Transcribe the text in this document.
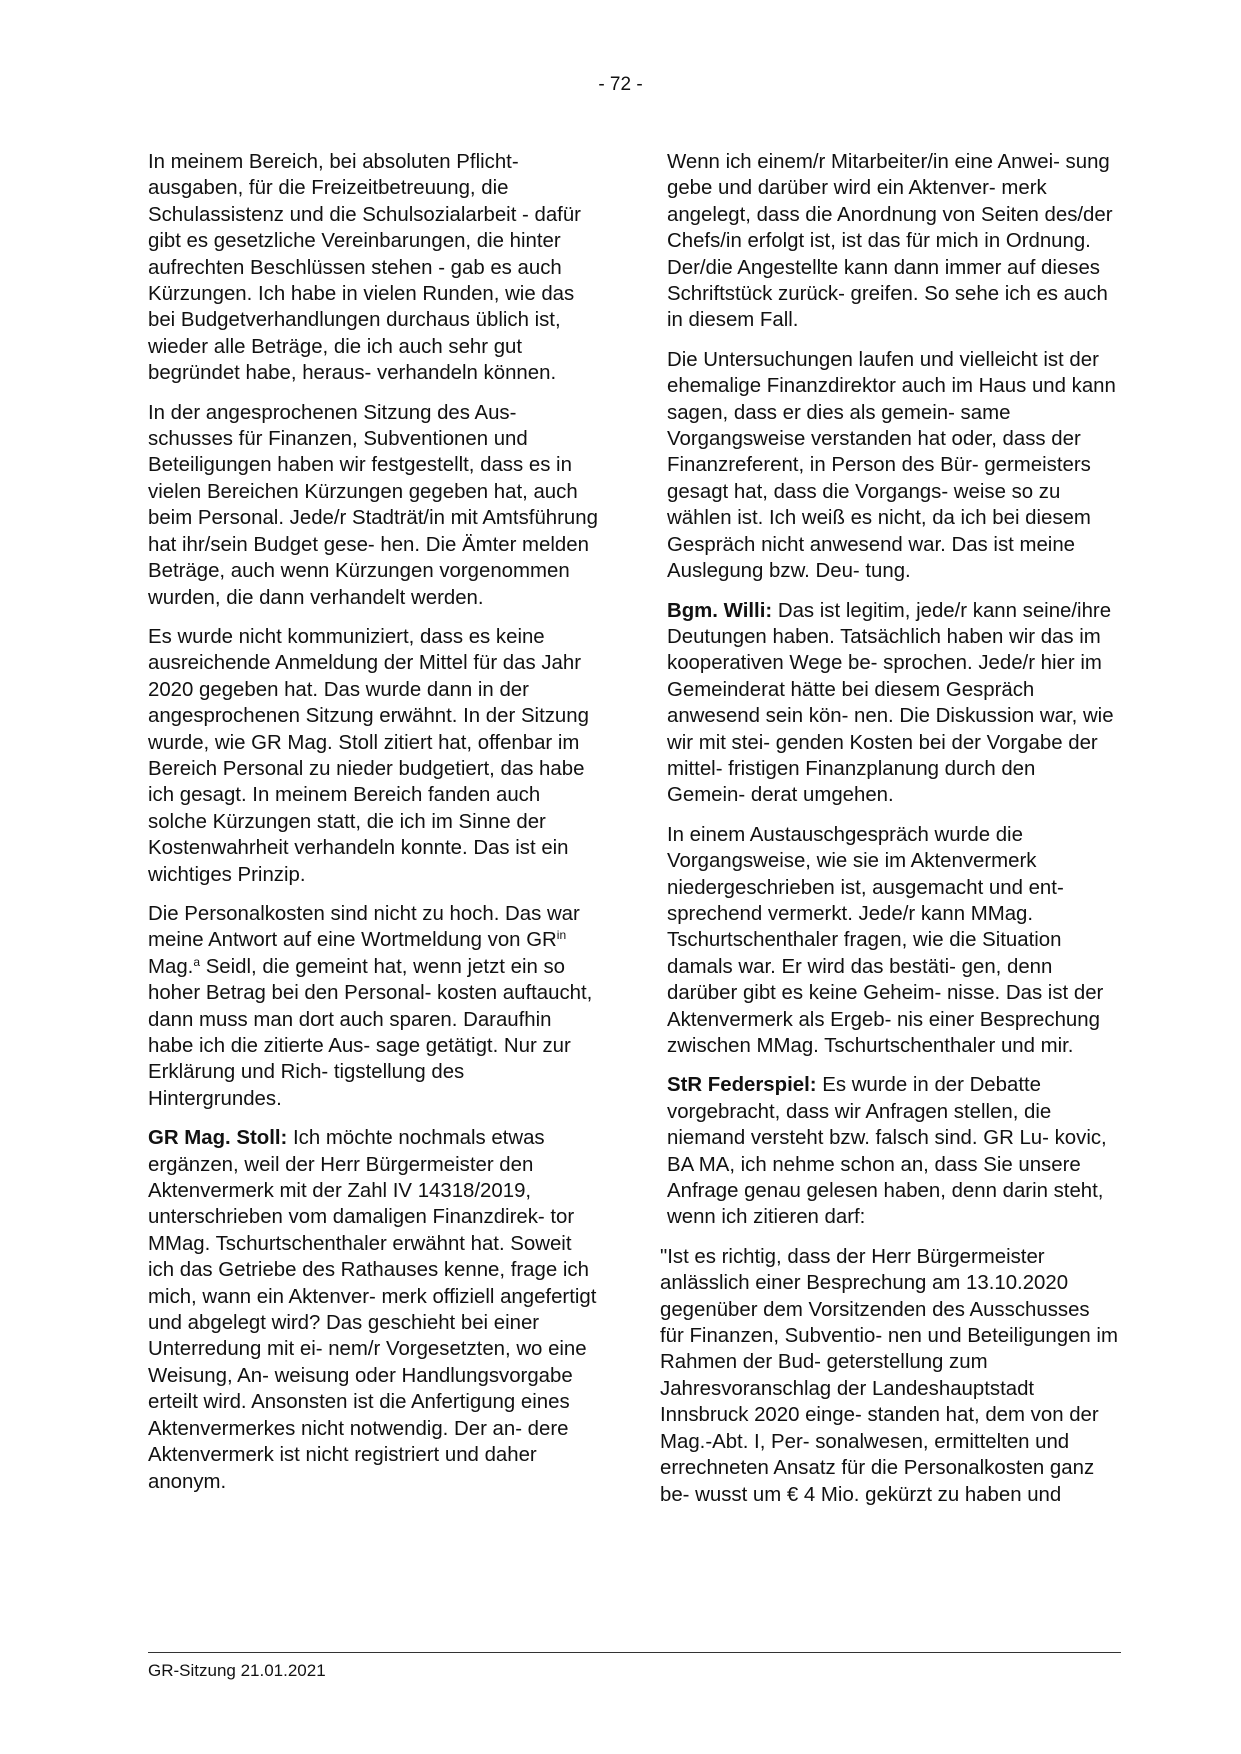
- 72 -

In meinem Bereich, bei absoluten Pflicht- ausgaben, für die Freizeitbetreuung, die Schulassistenz und die Schulsozialarbeit - dafür gibt es gesetzliche Vereinbarungen, die hinter aufrechten Beschlüssen stehen - gab es auch Kürzungen. Ich habe in vielen Runden, wie das bei Budgetverhandlungen durchaus üblich ist, wieder alle Beträge, die ich auch sehr gut begründet habe, heraus- verhandeln können.

In der angesprochenen Sitzung des Aus- schusses für Finanzen, Subventionen und Beteiligungen haben wir festgestellt, dass es in vielen Bereichen Kürzungen gegeben hat, auch beim Personal. Jede/r Stadträt/in mit Amtsführung hat ihr/sein Budget gese- hen. Die Ämter melden Beträge, auch wenn Kürzungen vorgenommen wurden, die dann verhandelt werden.

Es wurde nicht kommuniziert, dass es keine ausreichende Anmeldung der Mittel für das Jahr 2020 gegeben hat. Das wurde dann in der angesprochenen Sitzung erwähnt. In der Sitzung wurde, wie GR Mag. Stoll zitiert hat, offenbar im Bereich Personal zu nieder budgetiert, das habe ich gesagt. In meinem Bereich fanden auch solche Kürzungen statt, die ich im Sinne der Kostenwahrheit verhandeln konnte. Das ist ein wichtiges Prinzip.

Die Personalkosten sind nicht zu hoch. Das war meine Antwort auf eine Wortmeldung von $GR^{in}$ Mag.$^a$ Seidl, die gemeint hat, wenn jetzt ein so hoher Betrag bei den Personal- kosten auftaucht, dann muss man dort auch sparen. Daraufhin habe ich die zitierte Aus- sage getätigt. Nur zur Erklärung und Rich- tigstellung des Hintergrundes.

GR Mag. Stoll: Ich möchte nochmals etwas ergänzen, weil der Herr Bürgermeister den Aktenvermerk mit der Zahl IV 14318/2019, unterschrieben vom damaligen Finanzdirek- tor MMag. Tschurtschenthaler erwähnt hat. Soweit ich das Getriebe des Rathauses kenne, frage ich mich, wann ein Aktenver- merk offiziell angefertigt und abgelegt wird? Das geschieht bei einer Unterredung mit ei- nem/r Vorgesetzten, wo eine Weisung, An- weisung oder Handlungsvorgabe erteilt wird. Ansonsten ist die Anfertigung eines Aktenvermerkes nicht notwendig. Der an- dere Aktenvermerk ist nicht registriert und daher anonym.

Wenn ich einem/r Mitarbeiter/in eine Anwei- sung gebe und darüber wird ein Aktenver- merk angelegt, dass die Anordnung von Seiten des/der Chefs/in erfolgt ist, ist das für mich in Ordnung. Der/die Angestellte kann dann immer auf dieses Schriftstück zurück- greifen. So sehe ich es auch in diesem Fall.

Die Untersuchungen laufen und vielleicht ist der ehemalige Finanzdirektor auch im Haus und kann sagen, dass er dies als gemein- same Vorgangsweise verstanden hat oder, dass der Finanzreferent, in Person des Bür- germeisters gesagt hat, dass die Vorgangs- weise so zu wählen ist. Ich weiß es nicht, da ich bei diesem Gespräch nicht anwesend war. Das ist meine Auslegung bzw. Deu- tung.

Bgm. Willi: Das ist legitim, jede/r kann seine/ihre Deutungen haben. Tatsächlich haben wir das im kooperativen Wege be- sprochen. Jede/r hier im Gemeinderat hätte bei diesem Gespräch anwesend sein kön- nen. Die Diskussion war, wie wir mit stei- genden Kosten bei der Vorgabe der mittel- fristigen Finanzplanung durch den Gemein- derat umgehen.

In einem Austauschgespräch wurde die Vorgangsweise, wie sie im Aktenvermerk niedergeschrieben ist, ausgemacht und ent- sprechend vermerkt. Jede/r kann MMag. Tschurtschenthaler fragen, wie die Situation damals war. Er wird das bestäti- gen, denn darüber gibt es keine Geheim- nisse. Das ist der Aktenvermerk als Ergeb- nis einer Besprechung zwischen MMag. Tschurtschenthaler und mir.

StR Federspiel: Es wurde in der Debatte vorgebracht, dass wir Anfragen stellen, die niemand versteht bzw. falsch sind. GR Lu- kovic, BA MA, ich nehme schon an, dass Sie unsere Anfrage genau gelesen haben, denn darin steht, wenn ich zitieren darf:

"Ist es richtig, dass der Herr Bürgermeister anlässlich einer Besprechung am 13.10.2020 gegenüber dem Vorsitzenden des Ausschusses für Finanzen, Subventio- nen und Beteiligungen im Rahmen der Bud- geterstellung zum Jahresvoranschlag der Landeshauptstadt Innsbruck 2020 einge- standen hat, dem von der Mag.-Abt. I, Per- sonalwesen, ermittelten und errechneten Ansatz für die Personalkosten ganz be- wusst um € 4 Mio. gekürzt zu haben und

GR-Sitzung 21.01.2021
